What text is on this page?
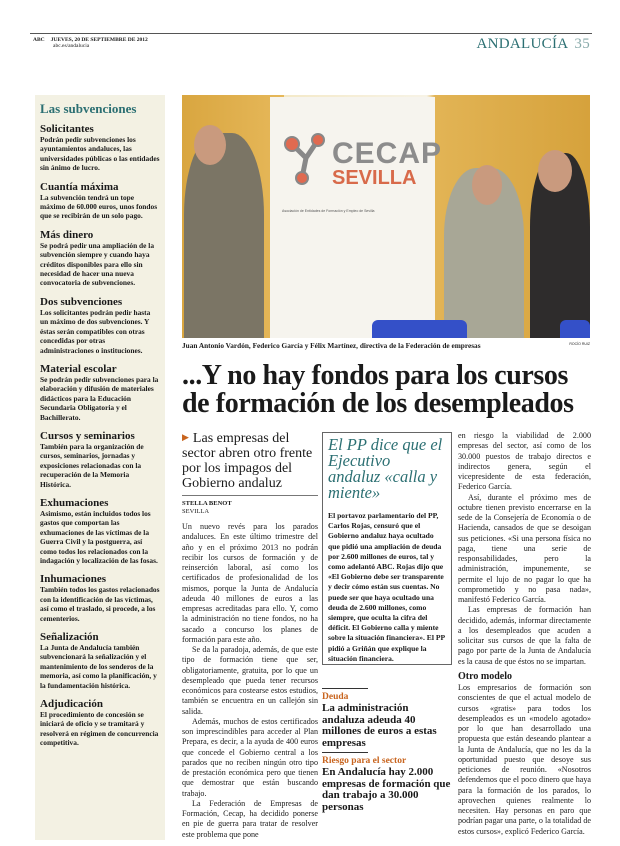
ABC JUEVES, 20 DE SEPTIEMBRE DE 2012
abc.es/andalucia	ANDALUCÍA 35
Las subvenciones
Solicitantes

Podrán pedir subvenciones los ayuntamientos andaluces, las universidades públicas o las entidades sin ánimo de lucro.

Cuantía máxima

La subvención tendrá un tope máximo de 60.000 euros, unos fondos que se recibirán de un solo pago.

Más dinero

Se podrá pedir una ampliación de la subvención siempre y cuando haya créditos disponibles para ello sin necesidad de hacer una nueva convocatoria de subvenciones.

Dos subvenciones

Los solicitantes podrán pedir hasta un máximo de dos subvenciones. Y éstas serán compatibles con otras concedidas por otras administraciones o instituciones.

Material escolar

Se podrán pedir subvenciones para la elaboración y difusión de materiales didácticos para la Educación Secundaria Obligatoria y el Bachillerato.

Cursos y seminarios

También para la organización de cursos, seminarios, jornadas y exposiciones relacionadas con la recuperación de la Memoria Histórica.

Exhumaciones

Asimismo, están incluidos todos los gastos que comportan las exhumaciones de las víctimas de la Guerra Civil y la postguerra, así como todos los relacionados con la indagación y localización de las fosas.

Inhumaciones

También todos los gastos relacionados con la identificación de las víctimas, así como el traslado, si procede, a los cementerios.

Señalización

La Junta de Andalucía también subvencionará la señalización y el mantenimiento de los senderos de la memoria, así como la planificación, y la fundamentación histórica.

Adjudicación

El procedimiento de concesión se iniciará de oficio y se tramitará y resolverá en régimen de concurrencia competitiva.

CECAP
SEVILLA
Asociación de Entidades de Formación y Empleo de Sevilla
Juan Antonio Vardón, Federico García y Félix Martínez, directiva de la Federación de empresas	ROCÍO RUIZ
...Y no hay fondos para los cursos de formación de los desempleados
▶ Las empresas del sector abren otro frente por los impagos del Gobierno andaluz
STELLA BENOT
SEVILLA

Un nuevo revés para los parados andaluces. En este último trimestre del año y en el próximo 2013 no podrán recibir los cursos de formación y de reinserción laboral, así como los certificados de profesionalidad de los mismos, porque la Junta de Andalucía adeuda 40 millones de euros a las empresas acreditadas para ello. Y, como la administración no tiene fondos, no ha sacado a concurso los planes de formación para este año.

Se da la paradoja, además, de que este tipo de formación tiene que ser, obligatoriamente, gratuita, por lo que un desempleado que pueda tener recursos económicos para costearse estos estudios, también se encuentra en un callejón sin salida.

Además, muchos de estos certificados son imprescindibles para acceder al Plan Prepara, es decir, a la ayuda de 400 euros que concede el Gobierno central a los parados que no reciben ningún otro tipo de prestación económica pero que tienen que demostrar que están buscando trabajo.

La Federación de Empresas de Formación, Cecap, ha decidido ponerse en pie de guerra para tratar de resolver este problema que pone

El PP dice que el Ejecutivo andaluz «calla y miente»

El portavoz parlamentario del PP, Carlos Rojas, censuró que el Gobierno andaluz haya ocultado que pidió una ampliación de deuda por 2.600 millones de euros, tal y como adelantó ABC. Rojas dijo que «El Gobierno debe ser transparente y decir cómo están sus cuentas. No puede ser que haya ocultado una deuda de 2.600 millones, como siempre, que oculta la cifra del déficit. El Gobierno calla y miente sobre la situación financiera». El PP pidió a Griñán que explique la situación financiera.

Deuda
La administración andaluza adeuda 40 millones de euros a estas empresas
Riesgo para el sector
En Andalucía hay 2.000 empresas de formación que dan trabajo a 30.000 personas

en riesgo la viabilidad de 2.000 empresas del sector, así como de los 30.000 puestos de trabajo directos e indirectos genera, según el vicepresidente de esta federación, Federico García.

Así, durante el próximo mes de octubre tienen previsto encerrarse en la sede de la Consejería de Economía o de Hacienda, cansados de que se desoigan sus peticiones. «Si una persona física no paga, tiene una serie de responsabilidades, pero la administración, impunemente, se permite el lujo de no pagar lo que ha comprometido y no pasa nada», manifestó Federico García.

Las empresas de formación han decidido, además, informar directamente a los desempleados que acuden a solicitar sus cursos de que la falta de pago por parte de la Junta de Andalucía es la causa de que éstos no se impartan.

Otro modelo

Los empresarios de formación son conscientes de que el actual modelo de cursos «gratis» para todos los desempleados es un «modelo agotado» por lo que han desarrollado una propuesta que están deseando plantear a la Junta de Andalucía, que no les da la oportunidad puesto que desoye sus peticiones de reunión. «Nosotros defendemos que el poco dinero que haya para la formación de los parados, lo aprovechen quienes realmente lo necesiten. Hay personas en paro que podrían pagar una parte, o la totalidad de estos cursos», explicó Federico García.
